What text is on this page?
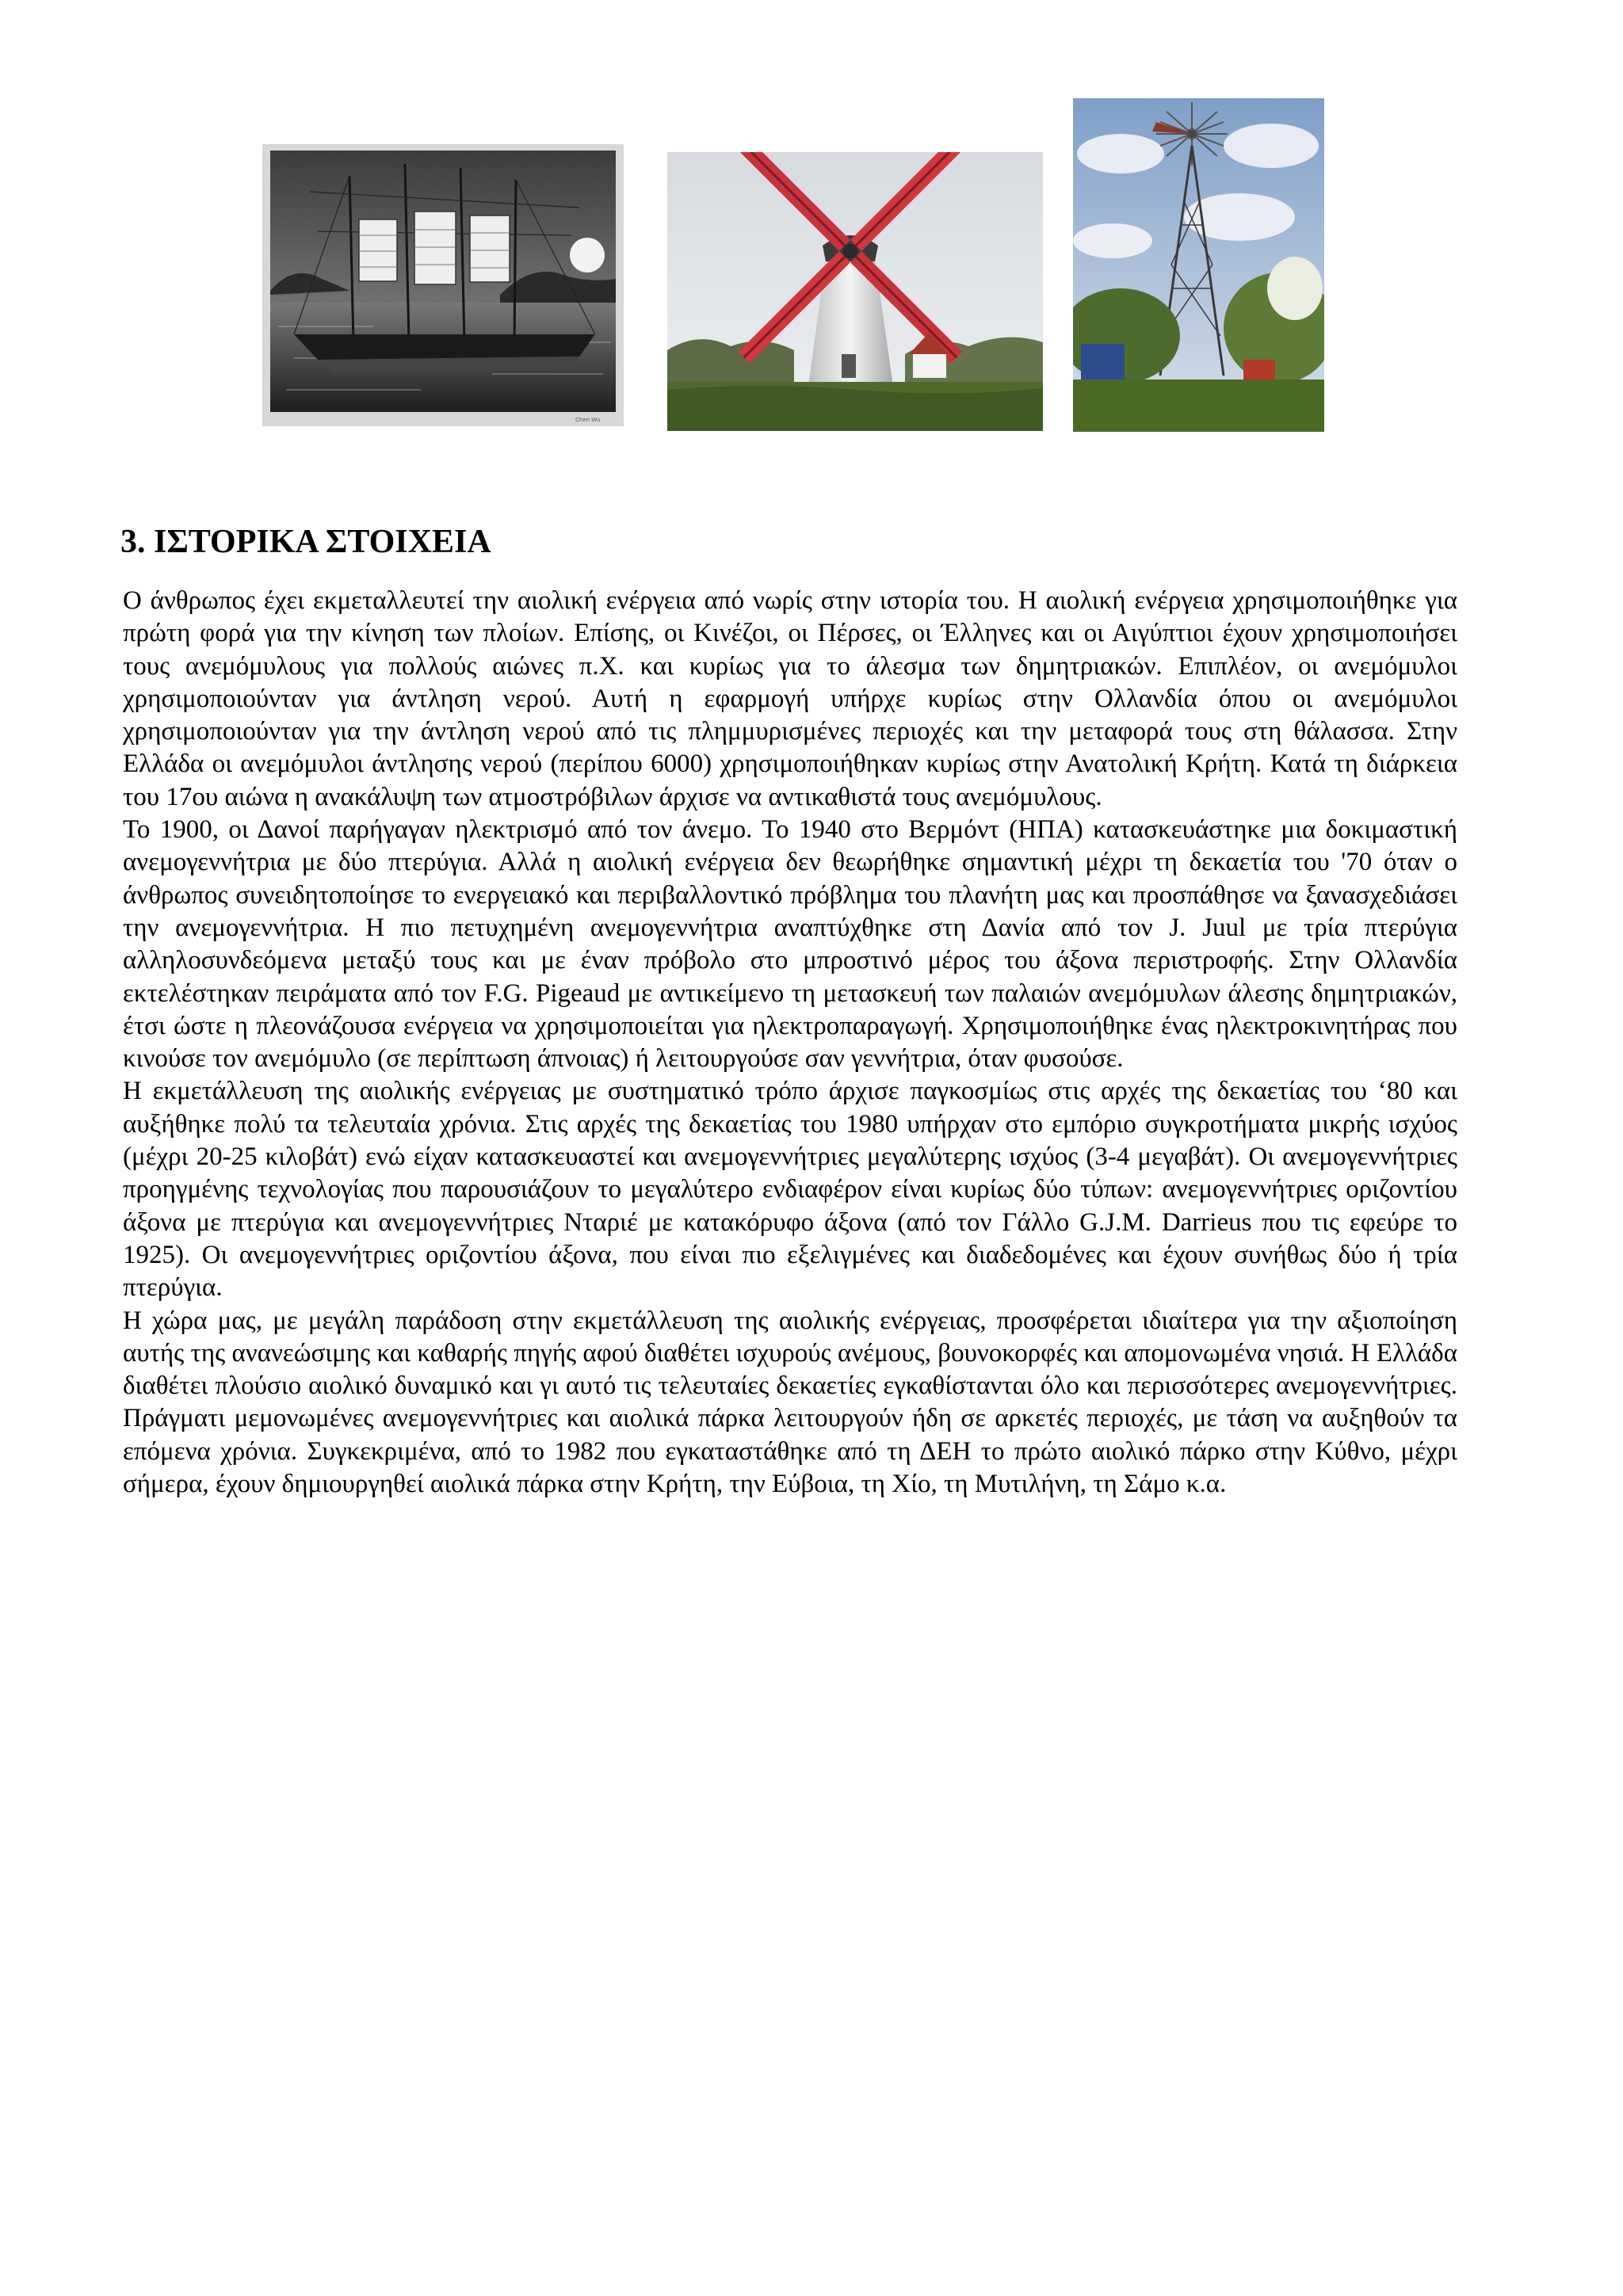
Chen Wu
3. ΙΣΤΟΡΙΚΑ ΣΤΟΙΧΕΙΑ

Ο άνθρωπος έχει εκμεταλλευτεί την αιολική ενέργεια από νωρίς στην ιστορία του. Η αιολική ενέργεια χρησιμοποιήθηκε για πρώτη φορά για την κίνηση των πλοίων. Επίσης, οι Κινέζοι, οι Πέρσες, οι Έλληνες και οι Αιγύπτιοι έχουν χρησιμοποιήσει τους ανεμόμυλους για πολλούς αιώνες π.Χ. και κυρίως για το άλεσμα των δημητριακών. Επιπλέον, οι ανεμόμυλοι χρησιμοποιούνταν για άντληση νερού. Αυτή η εφαρμογή υπήρχε κυρίως στην Ολλανδία όπου οι ανεμόμυλοι χρησιμοποιούνταν για την άντληση νερού από τις πλημμυρισμένες περιοχές και την μεταφορά τους στη θάλασσα. Στην Ελλάδα οι ανεμόμυλοι άντλησης νερού (περίπου 6000) χρησιμοποιήθηκαν κυρίως στην Ανατολική Κρήτη. Κατά τη διάρκεια του 17ου αιώνα η ανακάλυψη των ατμοστρόβιλων άρχισε να αντικαθιστά τους ανεμόμυλους.

Το 1900, οι Δανοί παρήγαγαν ηλεκτρισμό από τον άνεμο. Το 1940 στο Βερμόντ (ΗΠΑ) κατασκευάστηκε μια δοκιμαστική ανεμογεννήτρια με δύο πτερύγια. Αλλά η αιολική ενέργεια δεν θεωρήθηκε σημαντική μέχρι τη δεκαετία του '70 όταν ο άνθρωπος συνειδητοποίησε το ενεργειακό και περιβαλλοντικό πρόβλημα του πλανήτη μας και προσπάθησε να ξανασχεδιάσει την ανεμογεννήτρια. Η πιο πετυχημένη ανεμογεννήτρια αναπτύχθηκε στη Δανία από τον J. Juul με τρία πτερύγια αλληλοσυνδεόμενα μεταξύ τους και με έναν πρόβολο στο μπροστινό μέρος του άξονα περιστροφής. Στην Ολλανδία εκτελέστηκαν πειράματα από τον F.G. Pigeaud με αντικείμενο τη μετασκευή των παλαιών ανεμόμυλων άλεσης δημητριακών, έτσι ώστε η πλεονάζουσα ενέργεια να χρησιμοποιείται για ηλεκτροπαραγωγή. Χρησιμοποιήθηκε ένας ηλεκτροκινητήρας που κινούσε τον ανεμόμυλο (σε περίπτωση άπνοιας) ή λειτουργούσε σαν γεννήτρια, όταν φυσούσε.

Η εκμετάλλευση της αιολικής ενέργειας με συστηματικό τρόπο άρχισε παγκοσμίως στις αρχές της δεκαετίας του ‘80 και αυξήθηκε πολύ τα τελευταία χρόνια. Στις αρχές της δεκαετίας του 1980 υπήρχαν στο εμπόριο συγκροτήματα μικρής ισχύος (μέχρι 20-25 κιλοβάτ) ενώ είχαν κατασκευαστεί και ανεμογεννήτριες μεγαλύτερης ισχύος (3-4 μεγαβάτ). Οι ανεμογεννήτριες προηγμένης τεχνολογίας που παρουσιάζουν το μεγαλύτερο ενδιαφέρον είναι κυρίως δύο τύπων: ανεμογεννήτριες οριζοντίου άξονα με πτερύγια και ανεμογεννήτριες Νταριέ με κατακόρυφο άξονα (από τον Γάλλο G.J.M. Darrieus που τις εφεύρε το 1925). Οι ανεμογεννήτριες οριζοντίου άξονα, που είναι πιο εξελιγμένες και διαδεδομένες και έχουν συνήθως δύο ή τρία πτερύγια.

Η χώρα μας, με μεγάλη παράδοση στην εκμετάλλευση της αιολικής ενέργειας, προσφέρεται ιδιαίτερα για την αξιοποίηση αυτής της ανανεώσιμης και καθαρής πηγής αφού διαθέτει ισχυρούς ανέμους, βουνοκορφές και απομονωμένα νησιά. Η Ελλάδα διαθέτει πλούσιο αιολικό δυναμικό και γι αυτό τις τελευταίες δεκαετίες εγκαθίστανται όλο και περισσότερες ανεμογεννήτριες. Πράγματι μεμονωμένες ανεμογεννήτριες και αιολικά πάρκα λειτουργούν ήδη σε αρκετές περιοχές, με τάση να αυξηθούν τα επόμενα χρόνια. Συγκεκριμένα, από το 1982 που εγκαταστάθηκε από τη ΔΕΗ το πρώτο αιολικό πάρκο στην Κύθνο, μέχρι σήμερα, έχουν δημιουργηθεί αιολικά πάρκα στην Κρήτη, την Εύβοια, τη Χίο, τη Μυτιλήνη, τη Σάμο κ.α.
